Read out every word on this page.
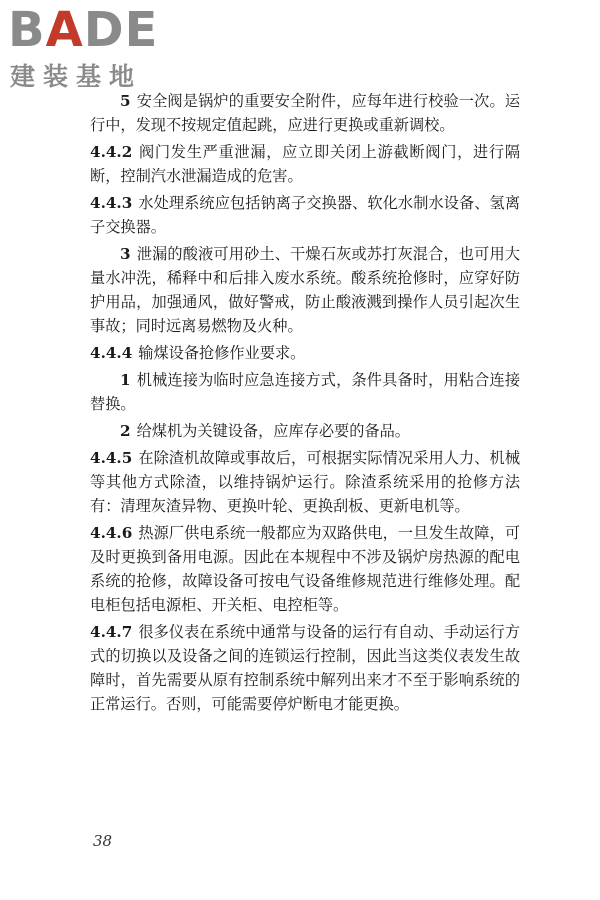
BADE
建装基地

5 安全阀是锅炉的重要安全附件，应每年进行校验一次。运行中，发现不按规定值起跳，应进行更换或重新调校。

4.4.2 阀门发生严重泄漏，应立即关闭上游截断阀门，进行隔断，控制汽水泄漏造成的危害。

4.4.3 水处理系统应包括钠离子交换器、软化水制水设备、氢离子交换器。

3 泄漏的酸液可用砂土、干燥石灰或苏打灰混合，也可用大量水冲洗，稀释中和后排入废水系统。酸系统抢修时，应穿好防护用品，加强通风，做好警戒，防止酸液溅到操作人员引起次生事故；同时远离易燃物及火种。

4.4.4 输煤设备抢修作业要求。

1 机械连接为临时应急连接方式，条件具备时，用粘合连接替换。

2 给煤机为关键设备，应库存必要的备品。

4.4.5 在除渣机故障或事故后，可根据实际情况采用人力、机械等其他方式除渣，以维持锅炉运行。除渣系统采用的抢修方法有：清理灰渣异物、更换叶轮、更换刮板、更新电机等。

4.4.6 热源厂供电系统一般都应为双路供电，一旦发生故障，可及时更换到备用电源。因此在本规程中不涉及锅炉房热源的配电系统的抢修，故障设备可按电气设备维修规范进行维修处理。配电柜包括电源柜、开关柜、电控柜等。

4.4.7 很多仪表在系统中通常与设备的运行有自动、手动运行方式的切换以及设备之间的连锁运行控制，因此当这类仪表发生故障时，首先需要从原有控制系统中解列出来才不至于影响系统的正常运行。否则，可能需要停炉断电才能更换。

38
